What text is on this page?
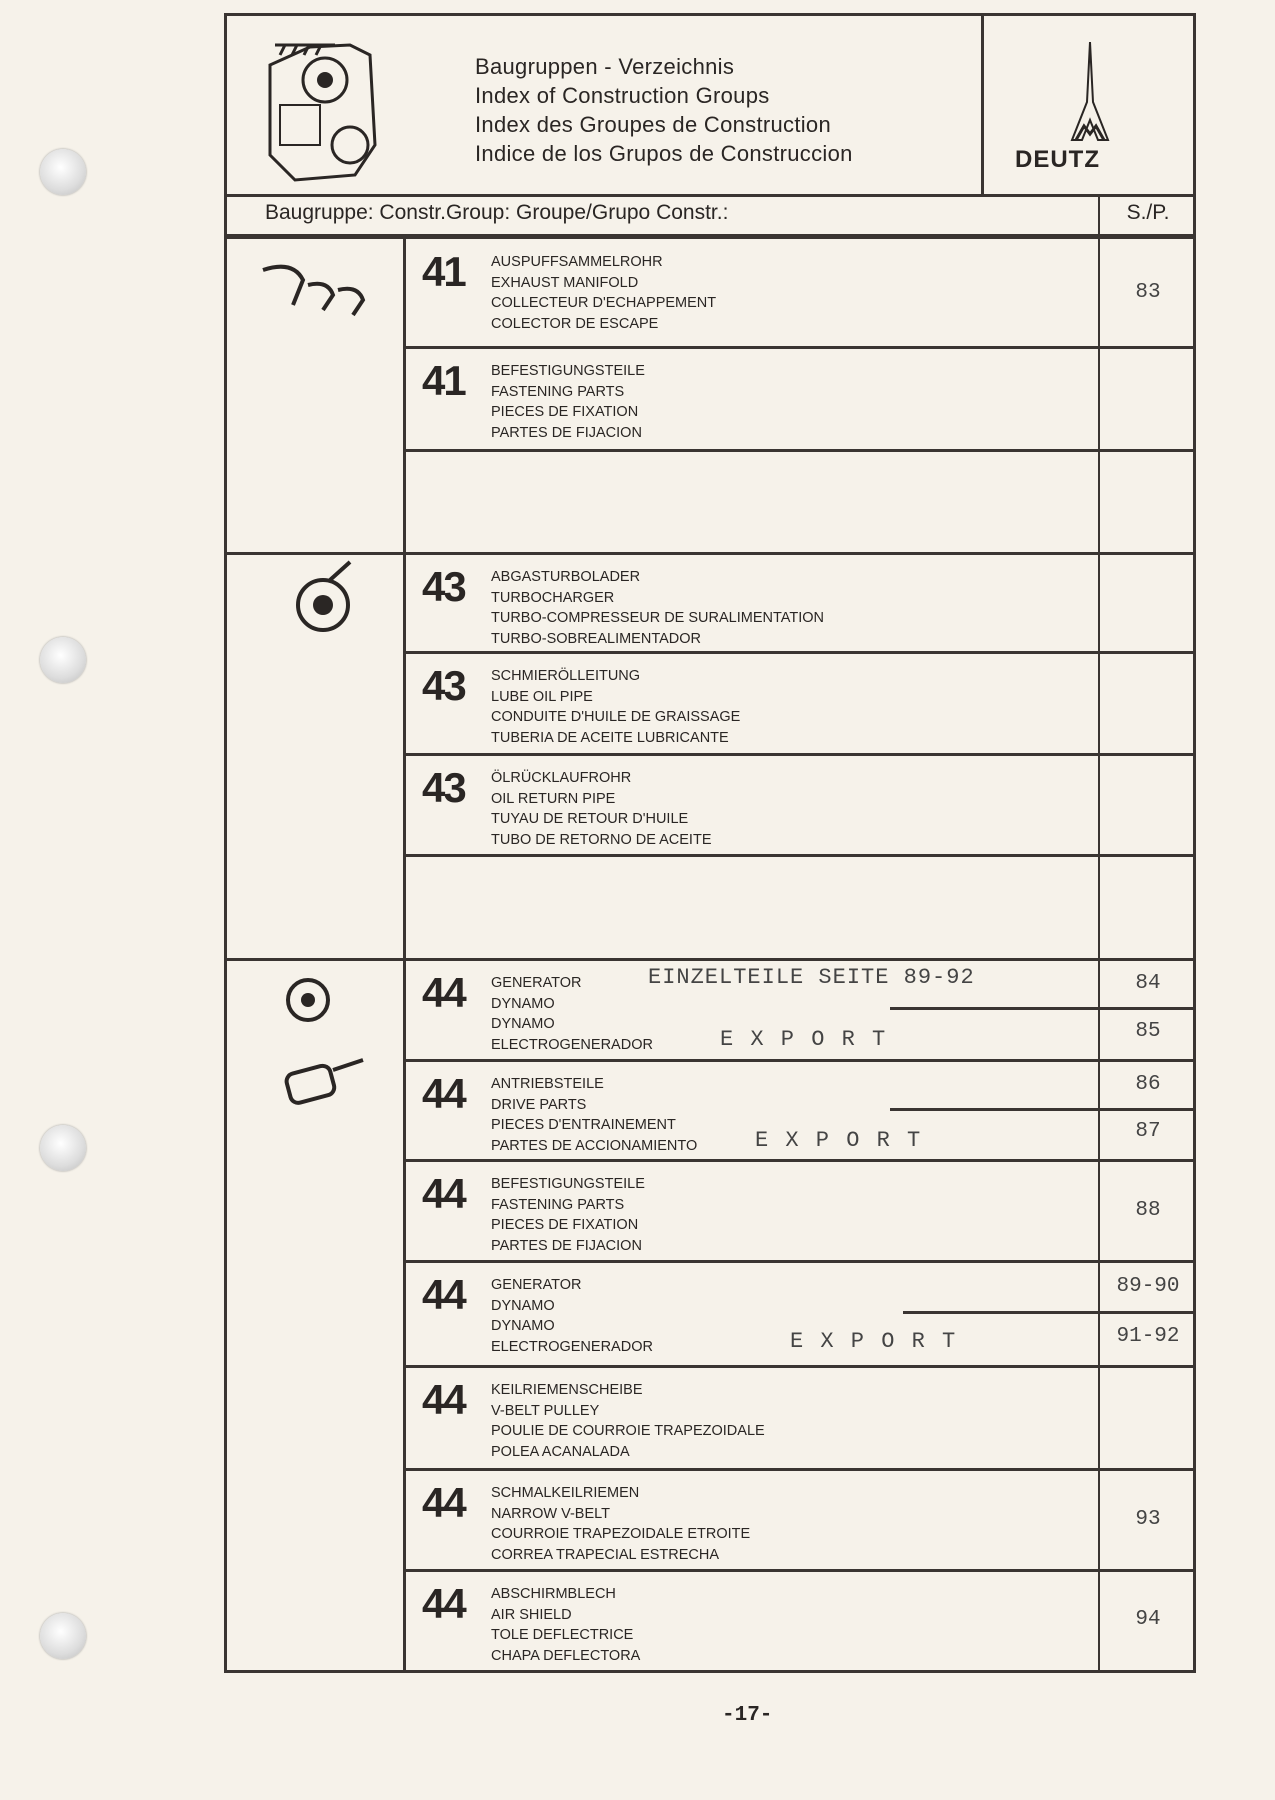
Baugruppen - Verzeichnis
Index of Construction Groups
Index des Groupes de Construction
Indice de los Grupos de Construccion	DEUTZ
Baugruppe: Constr.Group: Groupe/Grupo Constr.:	S./P.
-17-
41 AUSPUFFSAMMELROHR
EXHAUST MANIFOLD
COLLECTEUR D'ECHAPPEMENT
COLECTOR DE ESCAPE
83
41 BEFESTIGUNGSTEILE
FASTENING PARTS
PIECES DE FIXATION
PARTES DE FIJACION
43 ABGASTURBOLADER
TURBOCHARGER
TURBO-COMPRESSEUR DE SURALIMENTATION
TURBO-SOBREALIMENTADOR
43 SCHMIERÖLLEITUNG
LUBE OIL PIPE
CONDUITE D'HUILE DE GRAISSAGE
TUBERIA DE ACEITE LUBRICANTE
43 ÖLRÜCKLAUFROHR
OIL RETURN PIPE
TUYAU DE RETOUR D'HUILE
TUBO DE RETORNO DE ACEITE
44 GENERATOR
DYNAMO
DYNAMO
ELECTROGENERADOR
84
85
EINZELTEILE SEITE 89-92
E X P O R T
44 ANTRIEBSTEILE
DRIVE PARTS
PIECES D'ENTRAINEMENT
PARTES DE ACCIONAMIENTO
86
87
E X P O R T
44 BEFESTIGUNGSTEILE
FASTENING PARTS
PIECES DE FIXATION
PARTES DE FIJACION
88
44 GENERATOR
DYNAMO
DYNAMO
ELECTROGENERADOR
89-90
91-92
E X P O R T
44 KEILRIEMENSCHEIBE
V-BELT PULLEY
POULIE DE COURROIE TRAPEZOIDALE
POLEA ACANALADA
44 SCHMALKEILRIEMEN
NARROW V-BELT
COURROIE TRAPEZOIDALE ETROITE
CORREA TRAPECIAL ESTRECHA
93
44 ABSCHIRMBLECH
AIR SHIELD
TOLE DEFLECTRICE
CHAPA DEFLECTORA
94
